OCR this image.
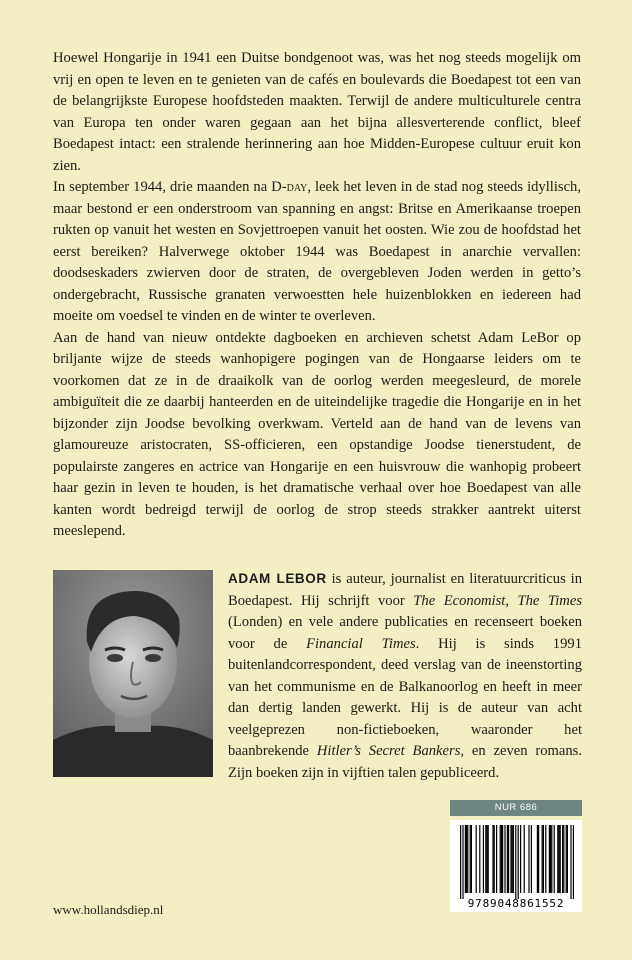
Hoewel Hongarije in 1941 een Duitse bondgenoot was, was het nog steeds mogelijk om vrij en open te leven en te genieten van de cafés en boulevards die Boedapest tot een van de belangrijkste Europese hoofdsteden maakten. Terwijl de andere multiculturele centra van Europa ten onder waren gegaan aan het bijna allesverterende conflict, bleef Boedapest intact: een stralende herinnering aan hoe Midden-Europese cultuur eruit kon zien.

In september 1944, drie maanden na D-day, leek het leven in de stad nog steeds idyllisch, maar bestond er een onderstroom van spanning en angst: Britse en Amerikaanse troepen rukten op vanuit het westen en Sovjettroepen vanuit het oosten. Wie zou de hoofdstad het eerst bereiken? Halverwege oktober 1944 was Boedapest in anarchie vervallen: doodseskaders zwierven door de straten, de overgebleven Joden werden in getto’s ondergebracht, Russische granaten verwoestten hele huizenblokken en iedereen had moeite om voedsel te vinden en de winter te overleven.

Aan de hand van nieuw ontdekte dagboeken en archieven schetst Adam LeBor op briljante wijze de steeds wanhopigere pogingen van de Hongaarse leiders om te voorkomen dat ze in de draaikolk van de oorlog werden meegesleurd, de morele ambiguïteit die ze daarbij hanteerden en de uiteindelijke tragedie die Hongarije en in het bijzonder zijn Joodse bevolking overkwam. Verteld aan de hand van de levens van glamoureuze aristocraten, SS-officieren, een opstandige Joodse tienerstudent, de populairste zangeres en actrice van Hongarije en een huisvrouw die wanhopig probeert haar gezin in leven te houden, is het dramatische verhaal over hoe Boedapest van alle kanten wordt bedreigd terwijl de oorlog de strop steeds strakker aantrekt uiterst meeslepend.

ADAM LEBOR is auteur, journalist en literatuurcriticus in Boedapest. Hij schrijft voor The Economist, The Times (Londen) en vele andere publicaties en recenseert boeken voor de Financial Times. Hij is sinds 1991 buitenlandcorrespondent, deed verslag van de ineenstorting van het communisme en de Balkanoorlog en heeft in meer dan dertig landen gewerkt. Hij is de auteur van acht veelgeprezen non-fictieboeken, waaronder het baanbrekende Hitler’s Secret Bankers, en zeven romans. Zijn boeken zijn in vijftien talen gepubliceerd.
NUR 686
9789048861552
www.hollandsdiep.nl
